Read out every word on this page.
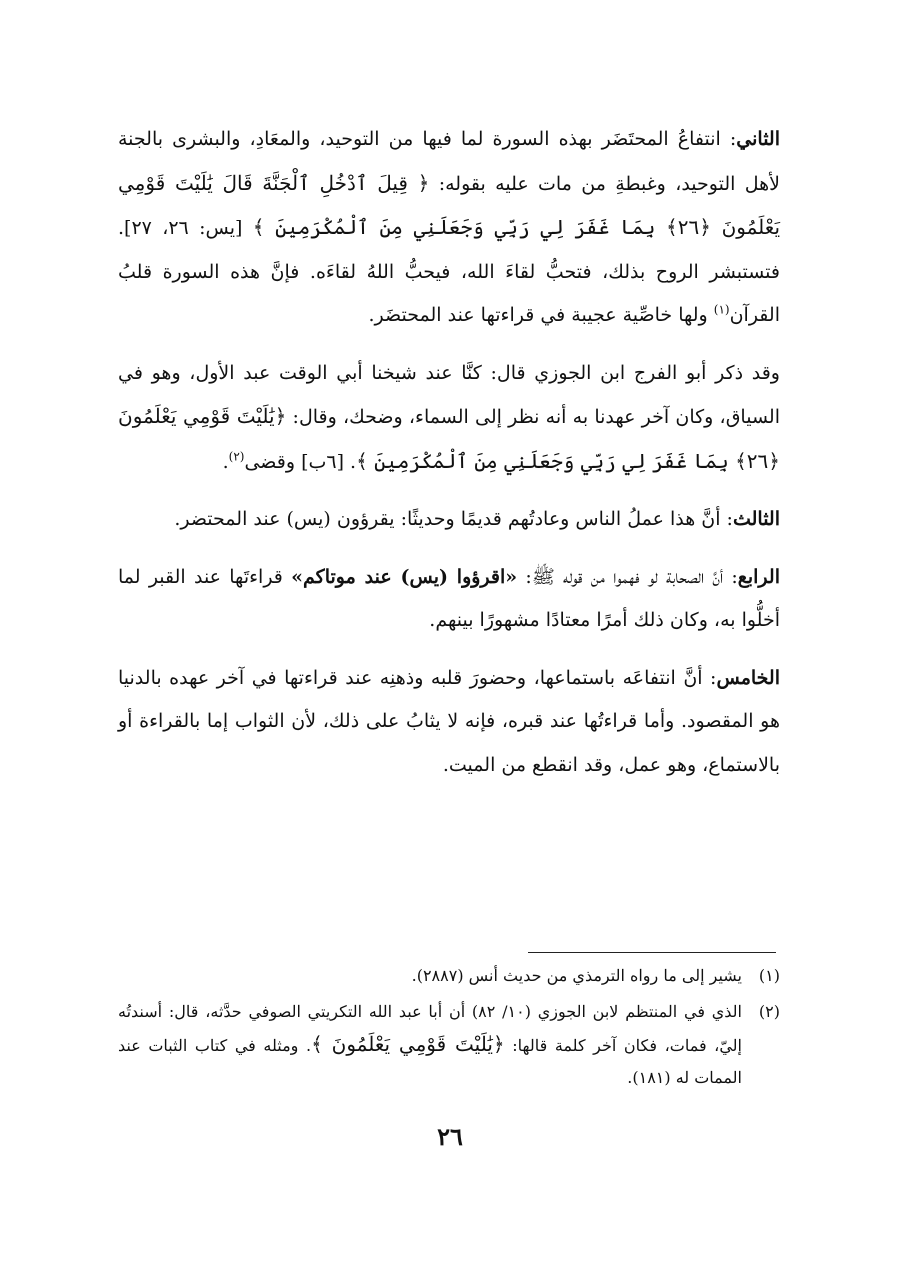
الثاني: انتفاعُ المحتَضَر بهذه السورة لما فيها من التوحيد، والمعَادِ، والبشرى بالجنة لأهل التوحيد، وغبطةِ من مات عليه بقوله: ﴿ قِيلَ ٱدْخُلِ ٱلْجَنَّةَ قَالَ يَٰلَيْتَ قَوْمِي يَعْلَمُونَ ﴿٢٦﴾ بِمَا غَفَرَ لِي رَبِّي وَجَعَلَنِي مِنَ ٱلْمُكْرَمِينَ ﴾ [يس: ٢٦، ٢٧]. فتستبشر الروح بذلك، فتحبُّ لقاءَ الله، فيحبُّ اللهُ لقاءَه. فإنَّ هذه السورة قلبُ القرآن$^{(١)}$ ولها خاصِّية عجيبة في قراءتها عند المحتضَر.

وقد ذكر أبو الفرج ابن الجوزي قال: كنَّا عند شيخنا أبي الوقت عبد الأول، وهو في السياق، وكان آخر عهدنا به أنه نظر إلى السماء، وضحك، وقال: ﴿يَٰلَيْتَ قَوْمِي يَعْلَمُونَ ﴿٢٦﴾ بِمَا غَفَرَ لِي رَبِّي وَجَعَلَنِي مِنَ ٱلْمُكْرَمِينَ ﴾. [٦ب] وقضى$^{(٢)}$.

الثالث: أنَّ هذا عملُ الناس وعادتُهم قديمًا وحديثًا: يقرؤون (يس) عند المحتضر.

الرابع: أنَّ الصحابة لو فهموا من قوله ﷺ: «اقرؤوا (يس) عند موتاكم» قراءتَها عند القبر لما أخلُّوا به، وكان ذلك أمرًا معتادًا مشهورًا بينهم.

الخامس: أنَّ انتفاعَه باستماعها، وحضورَ قلبه وذهنِه عند قراءتها في آخر عهده بالدنيا هو المقصود. وأما قراءتُها عند قبره، فإنه لا يثابُ على ذلك، لأن الثواب إما بالقراءة أو بالاستماع، وهو عمل، وقد انقطع من الميت.

(١)
يشير إلى ما رواه الترمذي من حديث أنس (٢٨٨٧).
(٢)
الذي في المنتظم لابن الجوزي (١٠/ ٨٢) أن أبا عبد الله التكريتي الصوفي حدَّثه، قال: أسندتُه إليّ، فمات، فكان آخر كلمة قالها: ﴿يَٰلَيْتَ قَوْمِي يَعْلَمُونَ ﴾. ومثله في كتاب الثبات عند الممات له (١٨١).
٢٦
